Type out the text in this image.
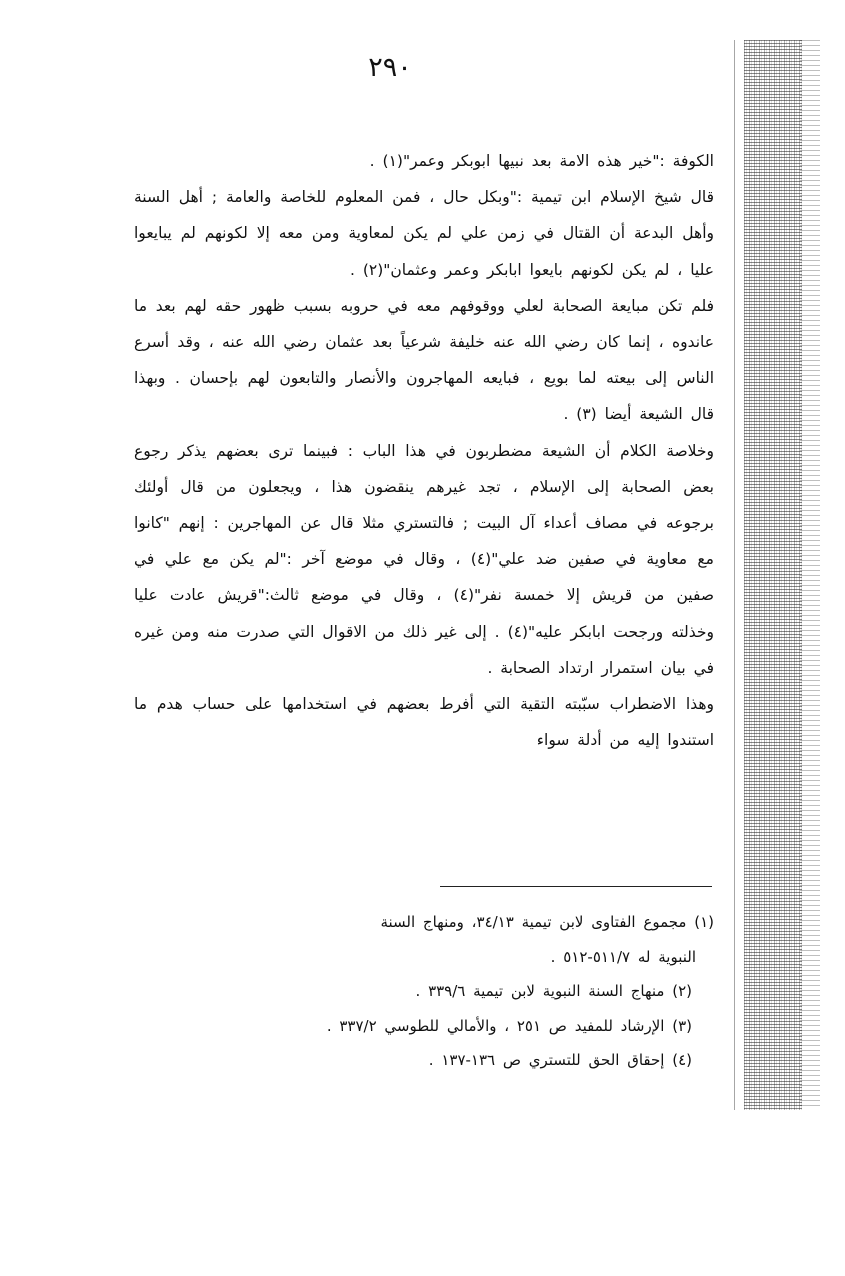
٢٩٠

الكوفة :"خير هذه الامة بعد نبيها ابوبكر وعمر"(١) .

قال شيخ الإسلام ابن تيمية :"وبكل حال ، فمن المعلوم للخاصة والعامة ; أهل السنة وأهل البدعة أن القتال في زمن علي لم يكن لمعاوية ومن معه إلا لكونهم لم يبايعوا عليا ، لم يكن لكونهم بايعوا ابابكر وعمر وعثمان"(٢) .

فلم تكن مبايعة الصحابة لعلي ووقوفهم معه في حروبه بسبب ظهور حقه لهم بعد ما عاندوه ، إنما كان رضي الله عنه خليفة شرعياً بعد عثمان رضي الله عنه ، وقد أسرع الناس إلى بيعته لما بويع ، فبايعه المهاجرون والأنصار والتابعون لهم بإحسان . وبهذا قال الشيعة أيضا (٣) .

وخلاصة الكلام أن الشيعة مضطربون في هذا الباب : فبينما ترى بعضهم يذكر رجوع بعض الصحابة إلى الإسلام ، تجد غيرهم ينقضون هذا ، ويجعلون من قال أولئك برجوعه في مصاف أعداء آل البيت ; فالتستري مثلا قال عن المهاجرين : إنهم "كانوا مع معاوية في صفين ضد علي"(٤) ، وقال في موضع آخر :"لم يكن مع علي في صفين من قريش إلا خمسة نفر"(٤) ، وقال في موضع ثالث:"قريش عادت عليا وخذلته ورجحت ابابكر عليه"(٤) . إلى غير ذلك من الاقوال التي صدرت منه ومن غيره في بيان استمرار ارتداد الصحابة .

وهذا الاضطراب سبّبته التقية التي أفرط بعضهم في استخدامها على حساب هدم ما استندوا إليه من أدلة سواء

(١) مجموع الفتاوى لابن تيمية ٣٤/١٣، ومنهاج السنة

النبوية له ٥١١/٧-٥١٢ .

(٢) منهاج السنة النبوية لابن تيمية ٣٣٩/٦ .

(٣) الإرشاد للمفيد ص ٢٥١ ، والأمالي للطوسي ٣٣٧/٢ .

(٤) إحقاق الحق للتستري ص ١٣٦-١٣٧ .
